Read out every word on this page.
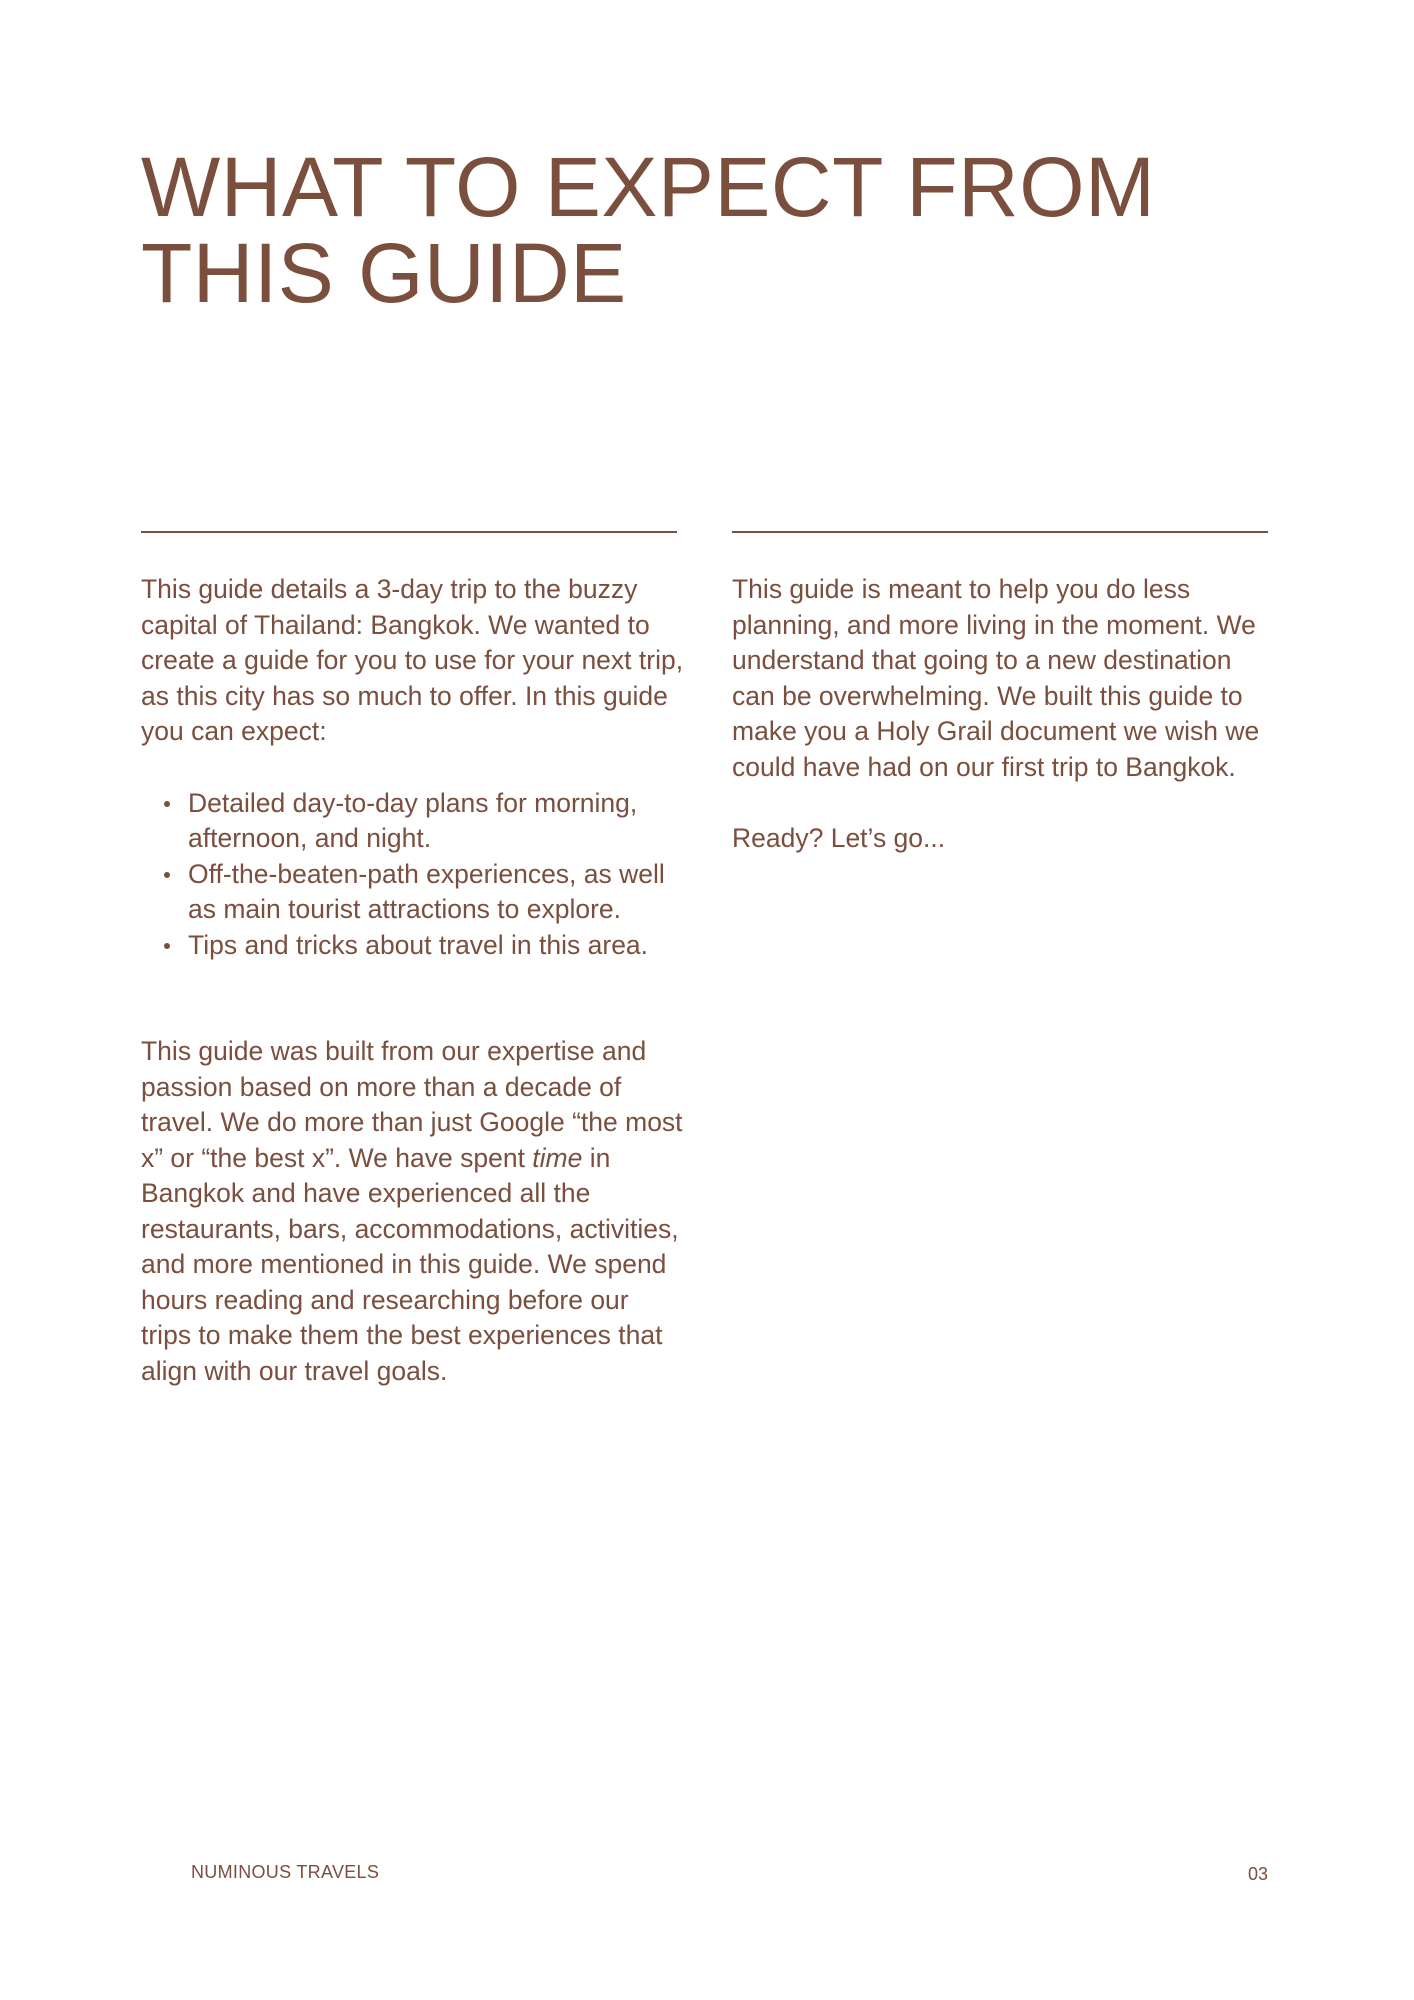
WHAT TO EXPECT FROM
THIS GUIDE

This guide details a 3-day trip to the buzzy capital of Thailand: Bangkok. We wanted to create a guide for you to use for your next trip, as this city has so much to offer. In this guide you can expect:

Detailed day-to-day plans for morning, afternoon, and night.
Off-the-beaten-path experiences, as well as main tourist attractions to explore.
Tips and tricks about travel in this area.

This guide was built from our expertise and passion based on more than a decade of travel. We do more than just Google “the most x” or “the best x”. We have spent time in Bangkok and have experienced all the restaurants, bars, accommodations, activities, and more mentioned in this guide. We spend hours reading and researching before our trips to make them the best experiences that align with our travel goals.

This guide is meant to help you do less planning, and more living in the moment. We understand that going to a new destination can be overwhelming. We built this guide to make you a Holy Grail document we wish we could have had on our first trip to Bangkok.

Ready? Let’s go...

NUMINOUS TRAVELS	03
